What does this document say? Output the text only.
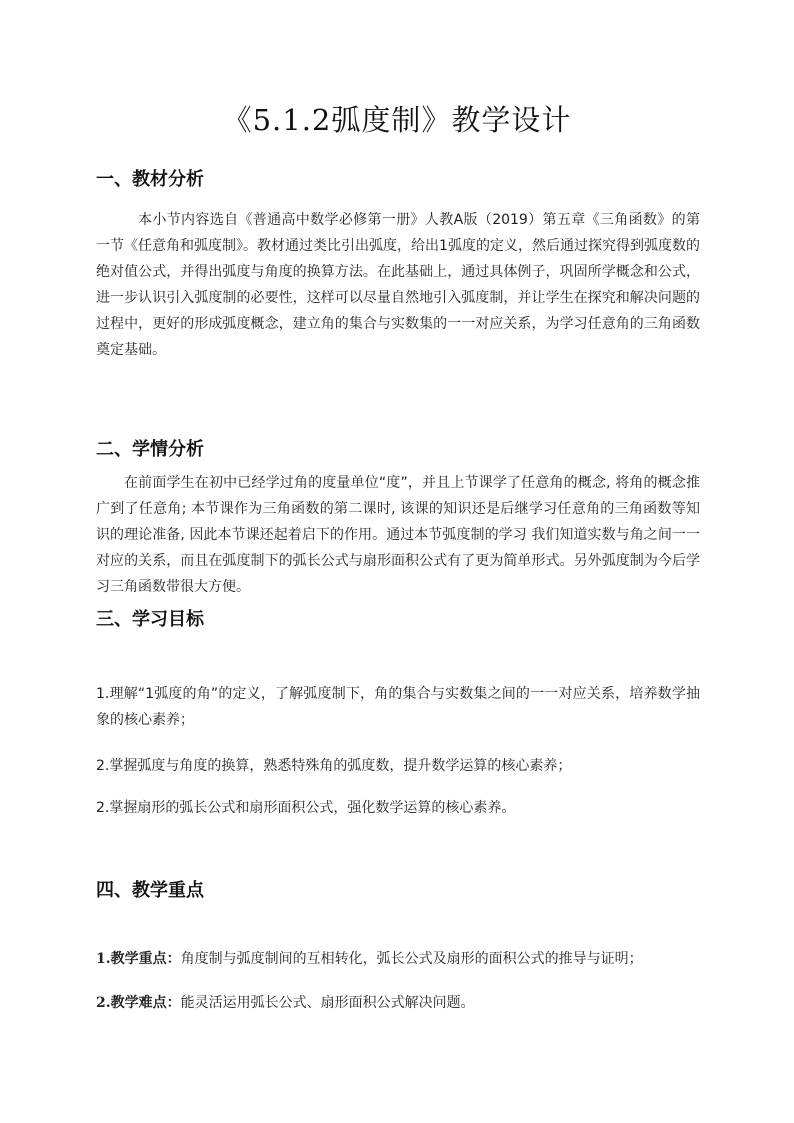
《5.1.2弧度制》教学设计
一、教材分析
本小节内容选自《普通高中数学必修第一册》人教A版（2019）第五章《三角函数》的第一节《任意角和弧度制》。教材通过类比引出弧度，给出1弧度的定义，然后通过探究得到弧度数的绝对值公式，并得出弧度与角度的换算方法。在此基础上，通过具体例子，巩固所学概念和公式，进一步认识引入弧度制的必要性，这样可以尽量自然地引入弧度制，并让学生在探究和解决问题的过程中，更好的形成弧度概念，建立角的集合与实数集的一一对应关系，为学习任意角的三角函数奠定基础。
二、学情分析
在前面学生在初中已经学过角的度量单位“度”，并且上节课学了任意角的概念, 将角的概念推广到了任意角; 本节课作为三角函数的第二课时, 该课的知识还是后继学习任意角的三角函数等知识的理论准备, 因此本节课还起着启下的作用。通过本节弧度制的学习 我们知道实数与角之间一一对应的关系，而且在弧度制下的弧长公式与扇形面积公式有了更为简单形式。另外弧度制为今后学习三角函数带很大方便。
三、学习目标
1.理解“1弧度的角”的定义，了解弧度制下，角的集合与实数集之间的一一对应关系，培养数学抽象的核心素养；
2.掌握弧度与角度的换算，熟悉特殊角的弧度数，提升数学运算的核心素养；
2.掌握扇形的弧长公式和扇形面积公式，强化数学运算的核心素养。
四、教学重点
1.教学重点：角度制与弧度制间的互相转化，弧长公式及扇形的面积公式的推导与证明；
2.教学难点：能灵活运用弧长公式、扇形面积公式解决问题。
